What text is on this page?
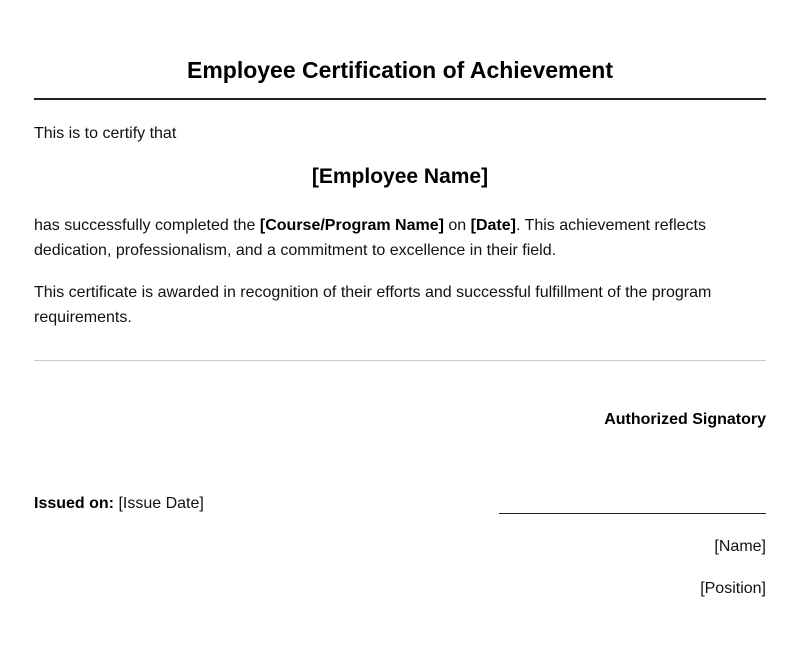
Employee Certification of Achievement
This is to certify that
[Employee Name]
has successfully completed the [Course/Program Name] on [Date]. This achievement reflects dedication, professionalism, and a commitment to excellence in their field.
This certificate is awarded in recognition of their efforts and successful fulfillment of the program requirements.
Authorized Signatory
Issued on: [Issue Date]
[Name]
[Position]
